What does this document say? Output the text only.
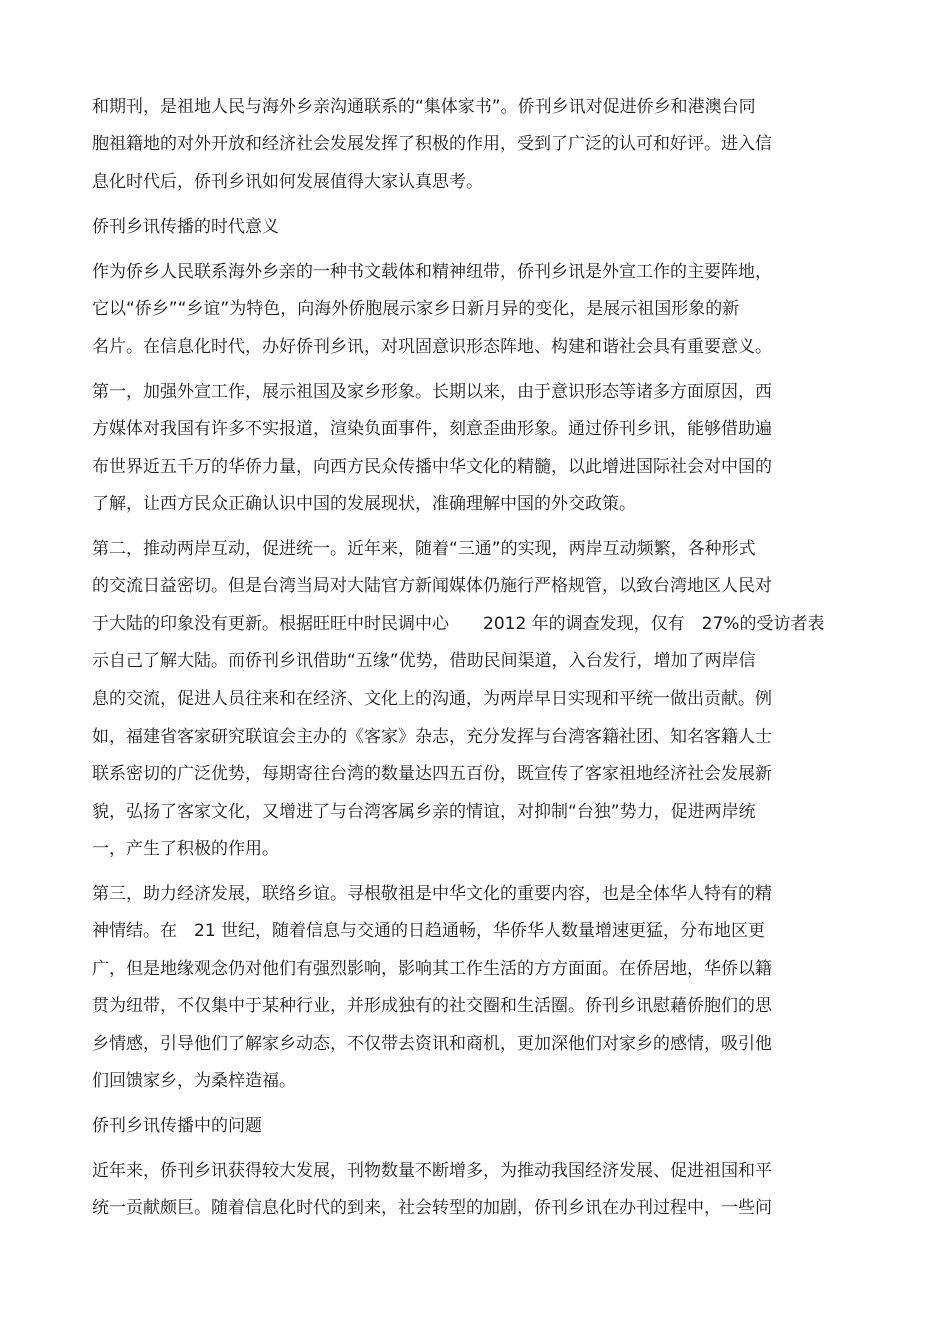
和期刊，是祖地人民与海外乡亲沟通联系的“集体家书”。侨刊乡讯对促进侨乡和港澳台同
胞祖籍地的对外开放和经济社会发展发挥了积极的作用，受到了广泛的认可和好评。进入信
息化时代后，侨刊乡讯如何发展值得大家认真思考。
侨刊乡讯传播的时代意义
作为侨乡人民联系海外乡亲的一种书文载体和精神纽带，侨刊乡讯是外宣工作的主要阵地，
它以“侨乡”“乡谊”为特色，向海外侨胞展示家乡日新月异的变化，是展示祖国形象的新
名片。在信息化时代，办好侨刊乡讯，对巩固意识形态阵地、构建和谐社会具有重要意义。
第一，加强外宣工作，展示祖国及家乡形象。长期以来，由于意识形态等诸多方面原因，西
方媒体对我国有许多不实报道，渲染负面事件，刻意歪曲形象。通过侨刊乡讯，能够借助遍
布世界近五千万的华侨力量，向西方民众传播中华文化的精髓，以此增进国际社会对中国的
了解，让西方民众正确认识中国的发展现状，准确理解中国的外交政策。
第二，推动两岸互动，促进统一。近年来，随着“三通”的实现，两岸互动频繁，各种形式
的交流日益密切。但是台湾当局对大陆官方新闻媒体仍施行严格规管，以致台湾地区人民对
于大陆的印象没有更新。根据旺旺中时民调中心　　2012 年的调查发现，仅有　27%的受访者表
示自己了解大陆。而侨刊乡讯借助“五缘”优势，借助民间渠道，入台发行，增加了两岸信
息的交流，促进人员往来和在经济、文化上的沟通，为两岸早日实现和平统一做出贡献。例
如，福建省客家研究联谊会主办的《客家》杂志，充分发挥与台湾客籍社团、知名客籍人士
联系密切的广泛优势，每期寄往台湾的数量达四五百份，既宣传了客家祖地经济社会发展新
貌，弘扬了客家文化，又增进了与台湾客属乡亲的情谊，对抑制“台独”势力，促进两岸统
一，产生了积极的作用。
第三，助力经济发展，联络乡谊。寻根敬祖是中华文化的重要内容，也是全体华人特有的精
神情结。在　21 世纪，随着信息与交通的日趋通畅，华侨华人数量增速更猛，分布地区更
广，但是地缘观念仍对他们有强烈影响，影响其工作生活的方方面面。在侨居地，华侨以籍
贯为纽带，不仅集中于某种行业，并形成独有的社交圈和生活圈。侨刊乡讯慰藉侨胞们的思
乡情感，引导他们了解家乡动态，不仅带去资讯和商机，更加深他们对家乡的感情，吸引他
们回馈家乡，为桑梓造福。
侨刊乡讯传播中的问题
近年来，侨刊乡讯获得较大发展，刊物数量不断增多，为推动我国经济发展、促进祖国和平
统一贡献颇巨。随着信息化时代的到来，社会转型的加剧，侨刊乡讯在办刊过程中，一些问
